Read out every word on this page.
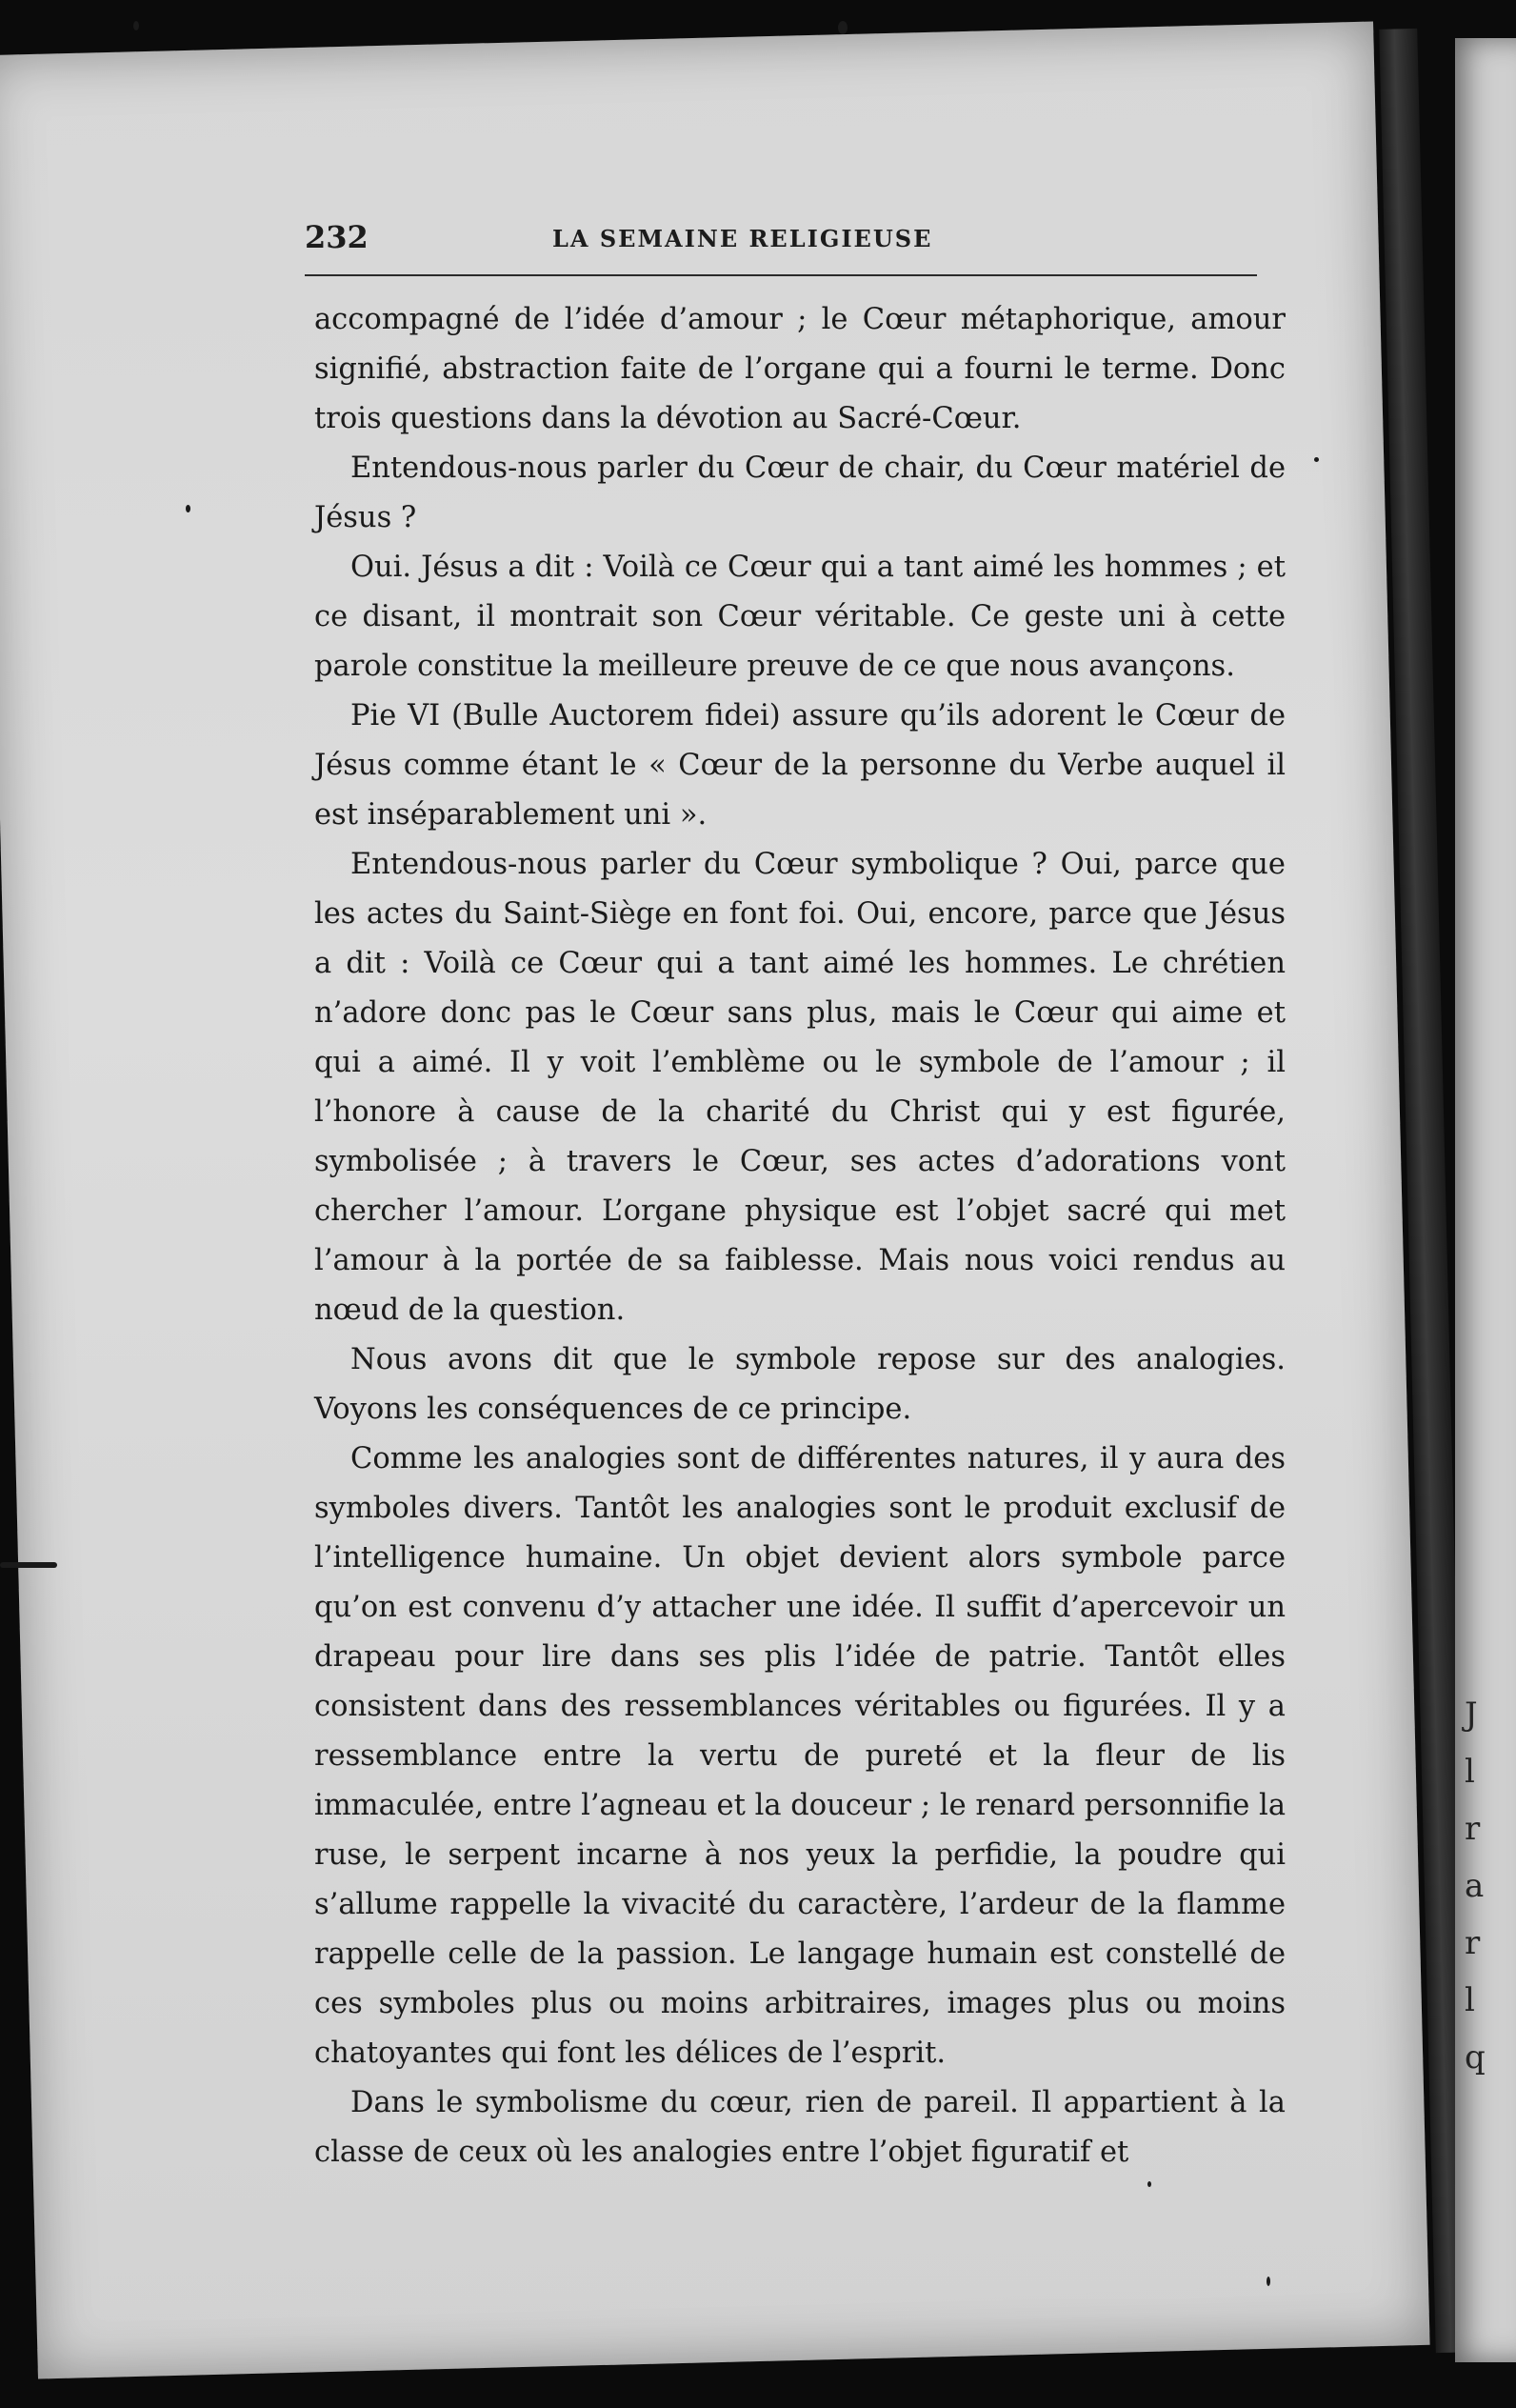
J
l
r
a
r
l
q
232	LA SEMAINE RELIGIEUSE

accompagné de l’idée d’amour ; le Cœur métaphorique, amour signifié, abstraction faite de l’organe qui a fourni le terme. Donc trois questions dans la dévotion au Sacré-Cœur.

Entendous-nous parler du Cœur de chair, du Cœur matériel de Jésus ?

Oui. Jésus a dit : Voilà ce Cœur qui a tant aimé les hommes ; et ce disant, il montrait son Cœur véritable. Ce geste uni à cette parole constitue la meilleure preuve de ce que nous avançons.

Pie VI (Bulle Auctorem fidei) assure qu’ils adorent le Cœur de Jésus comme étant le « Cœur de la personne du Verbe auquel il est inséparablement uni ».

Entendous-nous parler du Cœur symbolique ? Oui, parce que les actes du Saint-Siège en font foi. Oui, encore, parce que Jésus a dit : Voilà ce Cœur qui a tant aimé les hommes. Le chrétien n’adore donc pas le Cœur sans plus, mais le Cœur qui aime et qui a aimé. Il y voit l’emblème ou le symbole de l’amour ; il l’honore à cause de la charité du Christ qui y est figurée, symbolisée ; à travers le Cœur, ses actes d’adorations vont chercher l’amour. L’organe physique est l’objet sacré qui met l’amour à la portée de sa faiblesse. Mais nous voici rendus au nœud de la question.

Nous avons dit que le symbole repose sur des analogies. Voyons les conséquences de ce principe.

Comme les analogies sont de différentes natures, il y aura des symboles divers. Tantôt les analogies sont le produit exclusif de l’intelligence humaine. Un objet devient alors symbole parce qu’on est convenu d’y attacher une idée. Il suffit d’apercevoir un drapeau pour lire dans ses plis l’idée de patrie. Tantôt elles consistent dans des ressemblances véritables ou figurées. Il y a ressemblance entre la vertu de pureté et la fleur de lis immaculée, entre l’agneau et la douceur ; le renard personnifie la ruse, le serpent incarne à nos yeux la perfidie, la poudre qui s’allume rappelle la vivacité du caractère, l’ardeur de la flamme rappelle celle de la passion. Le langage humain est constellé de ces symboles plus ou moins arbitraires, images plus ou moins chatoyantes qui font les délices de l’esprit.

Dans le symbolisme du cœur, rien de pareil. Il appartient à la classe de ceux où les analogies entre l’objet figuratif et
